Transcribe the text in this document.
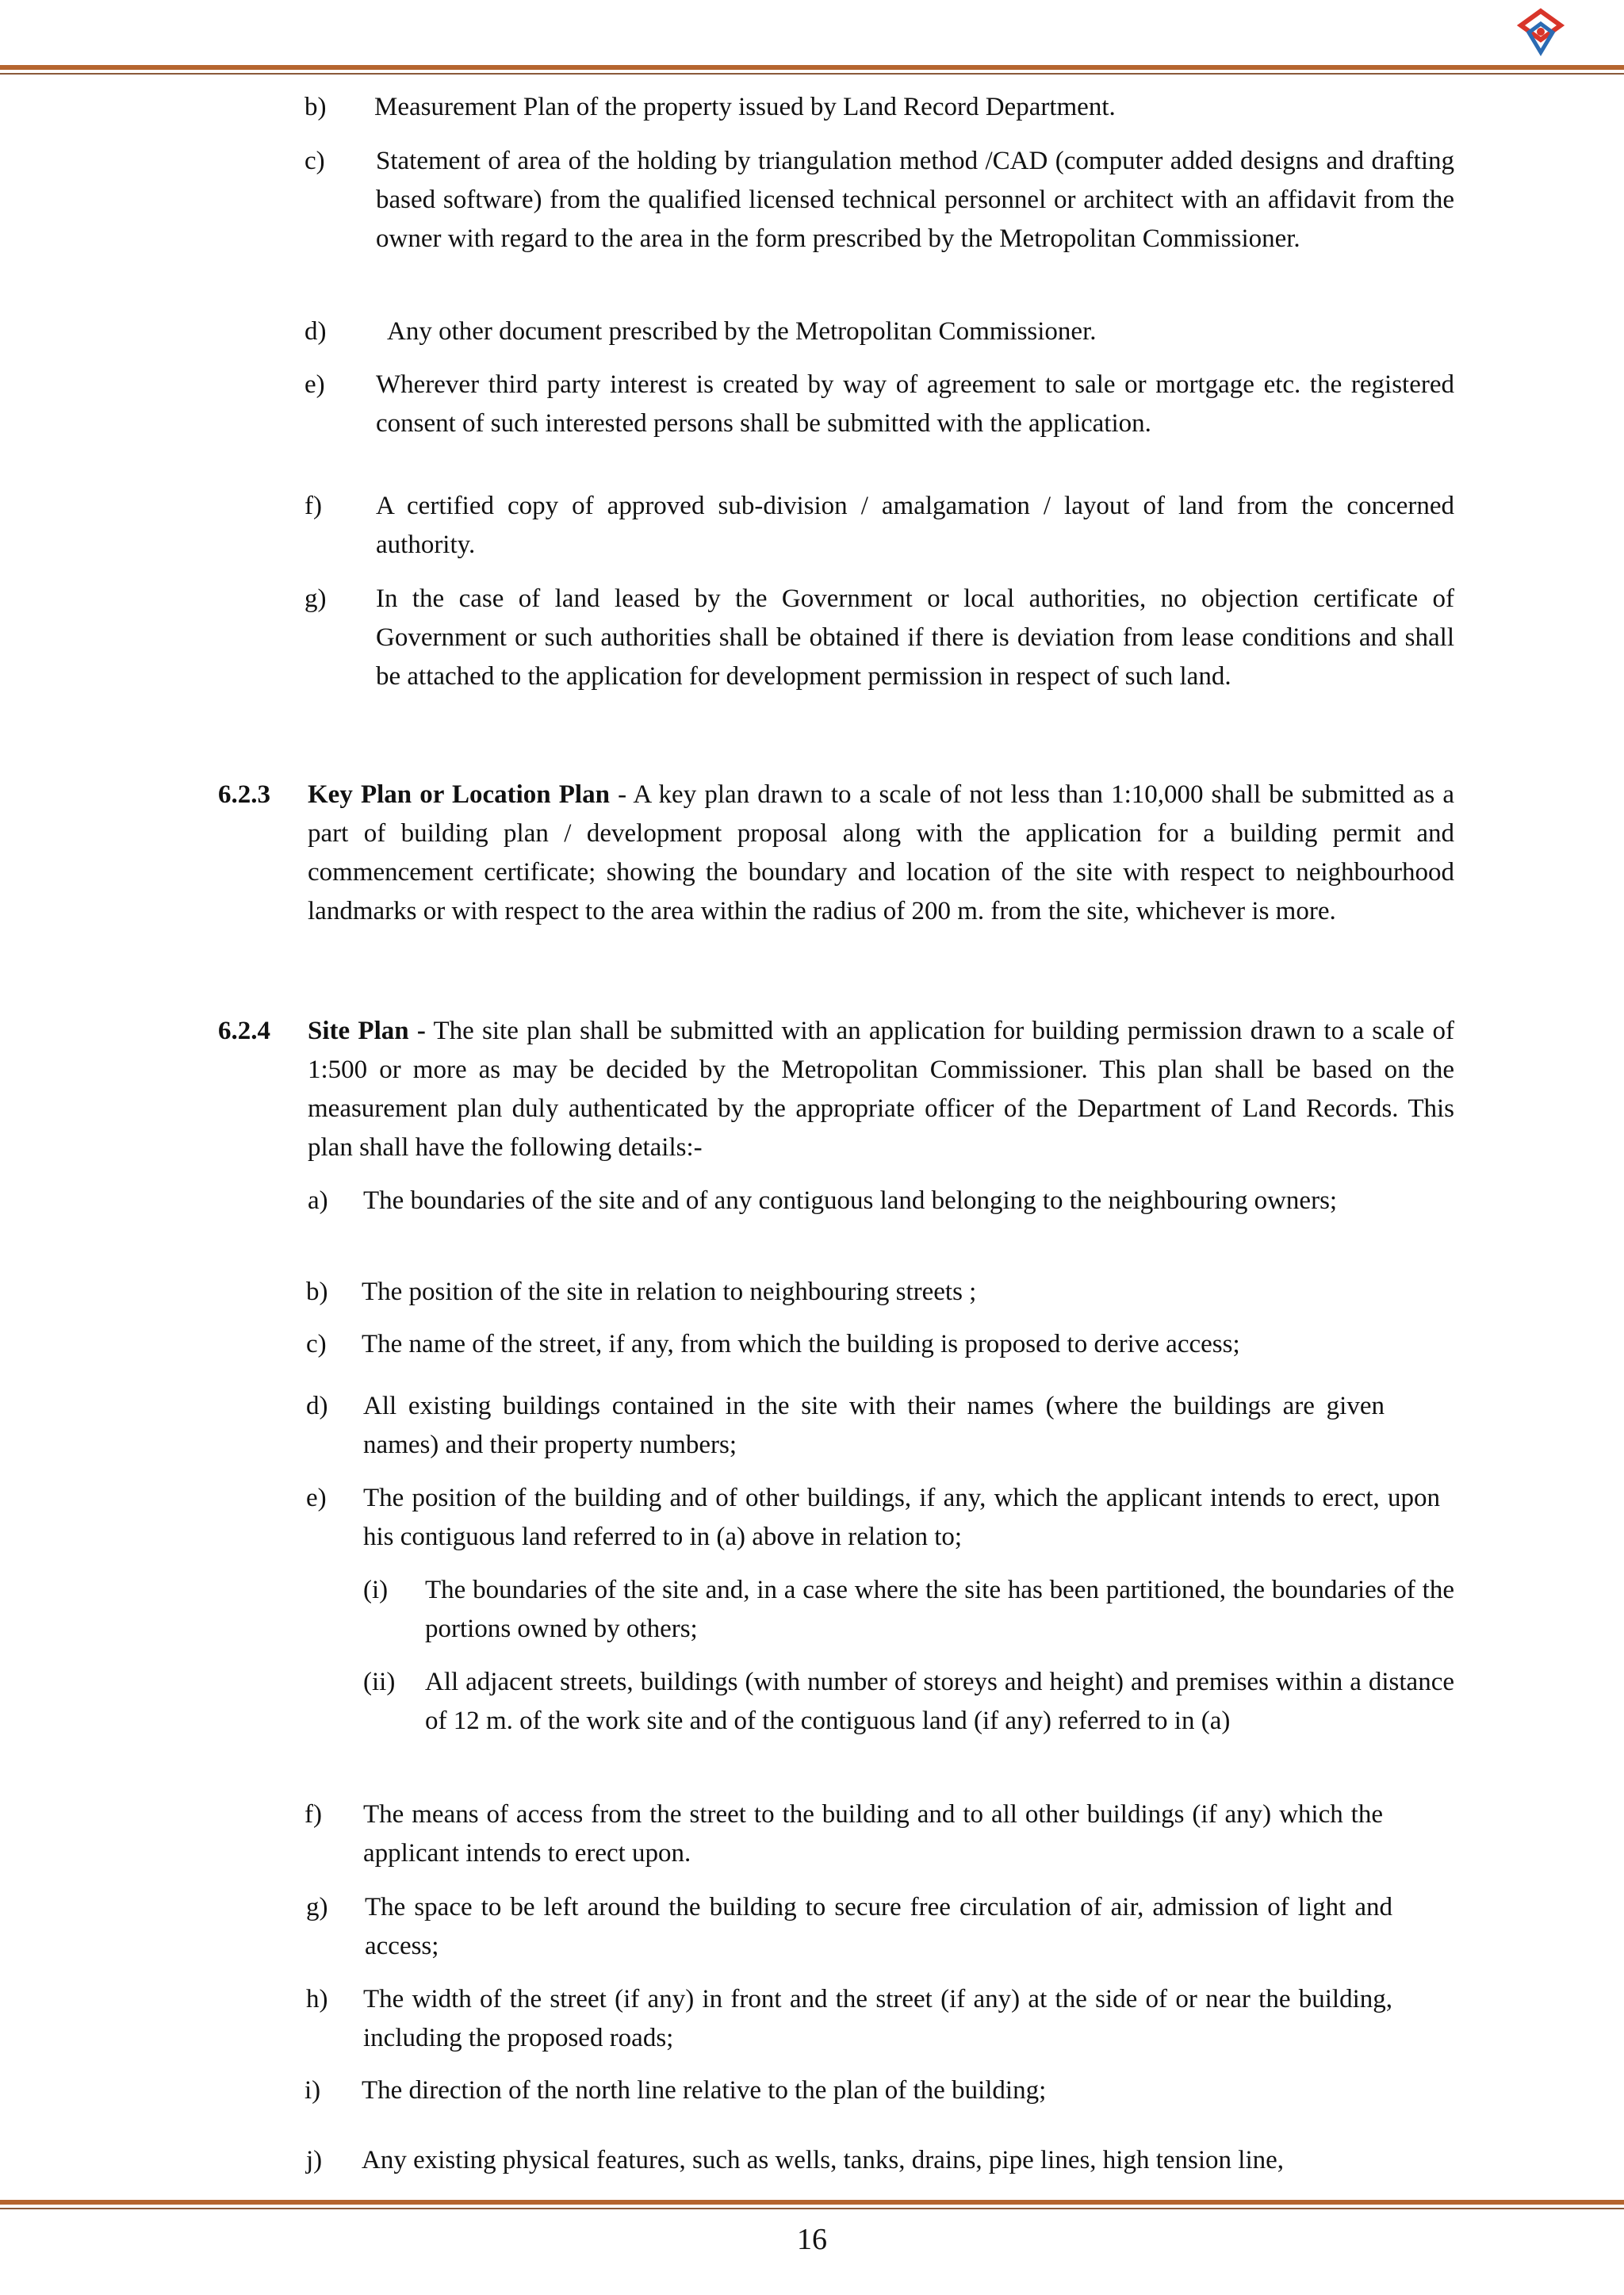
b)	Measurement Plan of the property issued by Land Record Department.
c)	Statement of area of the holding by triangulation method /CAD (computer added designs and drafting based software) from the qualified licensed technical personnel or architect with an affidavit from the owner with regard to the area in the form prescribed by the Metropolitan Commissioner.
d)	Any other document prescribed by the Metropolitan Commissioner.
e)	Wherever third party interest is created by way of agreement to sale or mortgage etc. the registered consent of such interested persons shall be submitted with the application.
f)	A certified copy of approved sub-division / amalgamation / layout of land from the concerned authority.
g)	In the case of land leased by the Government or local authorities, no objection certificate of Government or such authorities shall be obtained if there is deviation from lease conditions and shall be attached to the application for development permission in respect of such land.
6.2.3 Key Plan or Location Plan - A key plan drawn to a scale of not less than 1:10,000 shall be submitted as a part of building plan / development proposal along with the application for a building permit and commencement certificate; showing the boundary and location of the site with respect to neighbourhood landmarks or with respect to the area within the radius of 200 m. from the site, whichever is more.
6.2.4 Site Plan - The site plan shall be submitted with an application for building permission drawn to a scale of 1:500 or more as may be decided by the Metropolitan Commissioner. This plan shall be based on the measurement plan duly authenticated by the appropriate officer of the Department of Land Records. This plan shall have the following details:-
a)	The boundaries of the site and of any contiguous land belonging to the neighbouring owners;
b)	The position of the site in relation to neighbouring streets ;
c)	The name of the street, if any, from which the building is proposed to derive access;
d)	All existing buildings contained in the site with their names (where the buildings are given names) and their property numbers;
e)	The position of the building and of other buildings, if any, which the applicant intends to erect, upon his contiguous land referred to in (a) above in relation to;
(i)	The boundaries of the site and, in a case where the site has been partitioned, the boundaries of the portions owned by others;
(ii)	All adjacent streets, buildings (with number of storeys and height) and premises within a distance of 12 m. of the work site and of the contiguous land (if any) referred to in (a)
f)	The means of access from the street to the building and to all other buildings (if any) which the applicant intends to erect upon.
g)	The space to be left around the building to secure free circulation of air, admission of light and access;
h)	The width of the street (if any) in front and the street (if any) at the side of or near the building, including the proposed roads;
i)	The direction of the north line relative to the plan of the building;
j)	Any existing physical features, such as wells, tanks, drains, pipe lines, high tension line,
16
